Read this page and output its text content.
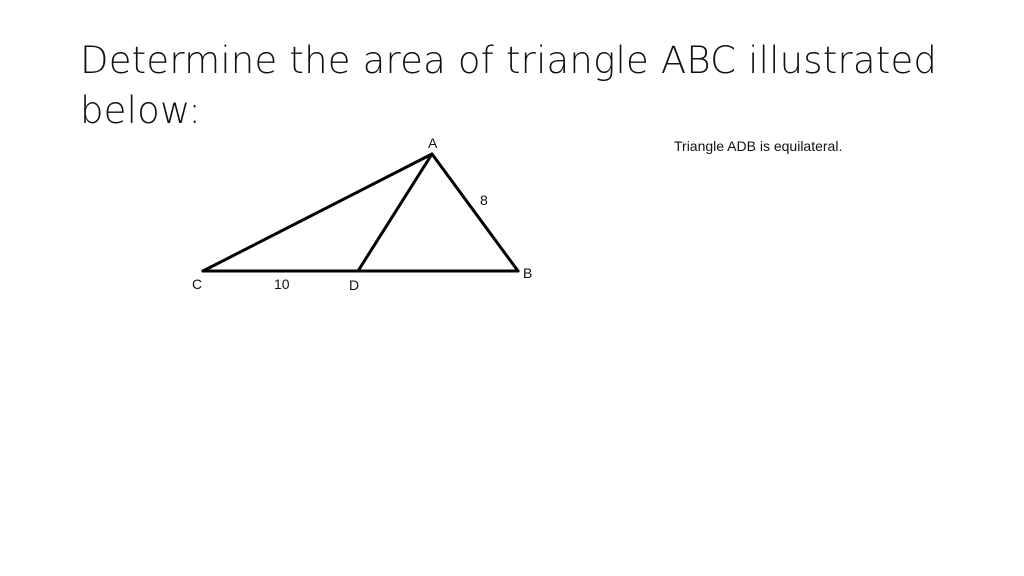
Determine the area of triangle ABC illustrated below:
Triangle ADB is equilateral.
A
B
C	D
8
10
